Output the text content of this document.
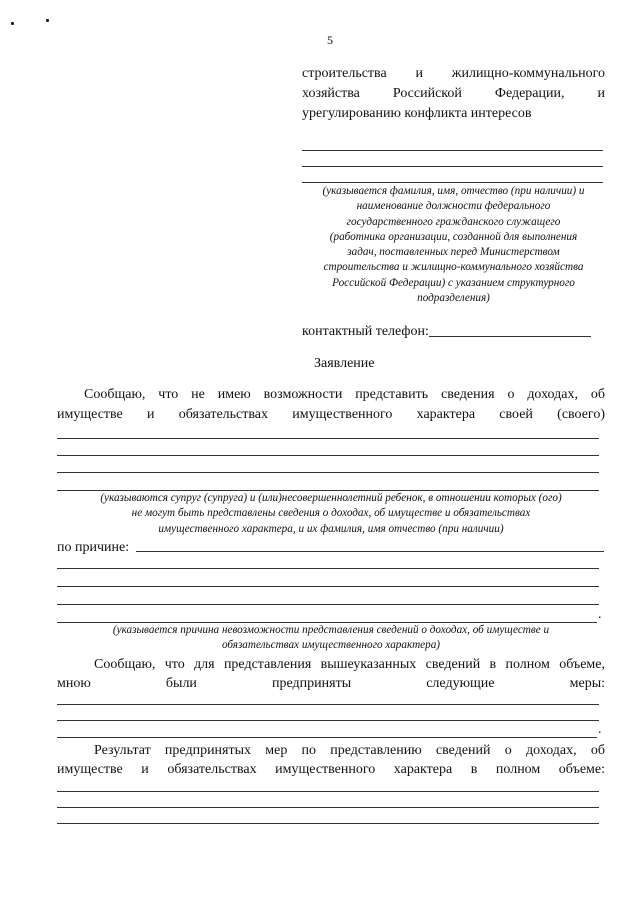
5
строительства и жилищно-коммунального
хозяйства Российской Федерации, и
урегулированию конфликта интересов
(указывается фамилия, имя, отчество (при наличии) и
наименование должности федерального
государственного гражданского служащего
(работника организации, созданной для выполнения
задач, поставленных перед Министерством
строительства и жилищно-коммунального хозяйства
Российской Федерации) с указанием структурного
подразделения)
контактный телефон:
Заявление
Сообщаю, что не имею возможности представить сведения о доходах, об
имуществе и обязательствах имущественного характера своей (своего)
(указываются супруг (супруга) и (или)несовершеннолетний ребенок, в отношении которых (ого)
не могут быть представлены сведения о доходах, об имуществе и обязательствах
имущественного характера, и их фамилия, имя отчество (при наличии)
по причине:
.
(указывается причина невозможности представления сведений о доходах, об имуществе и
обязательствах имущественного характера)
Сообщаю, что для представления вышеуказанных сведений в полном объеме,
мною были предприняты следующие меры:
.
Результат предпринятых мер по представлению сведений о доходах, об
имуществе и обязательствах имущественного характера в полном объеме:
